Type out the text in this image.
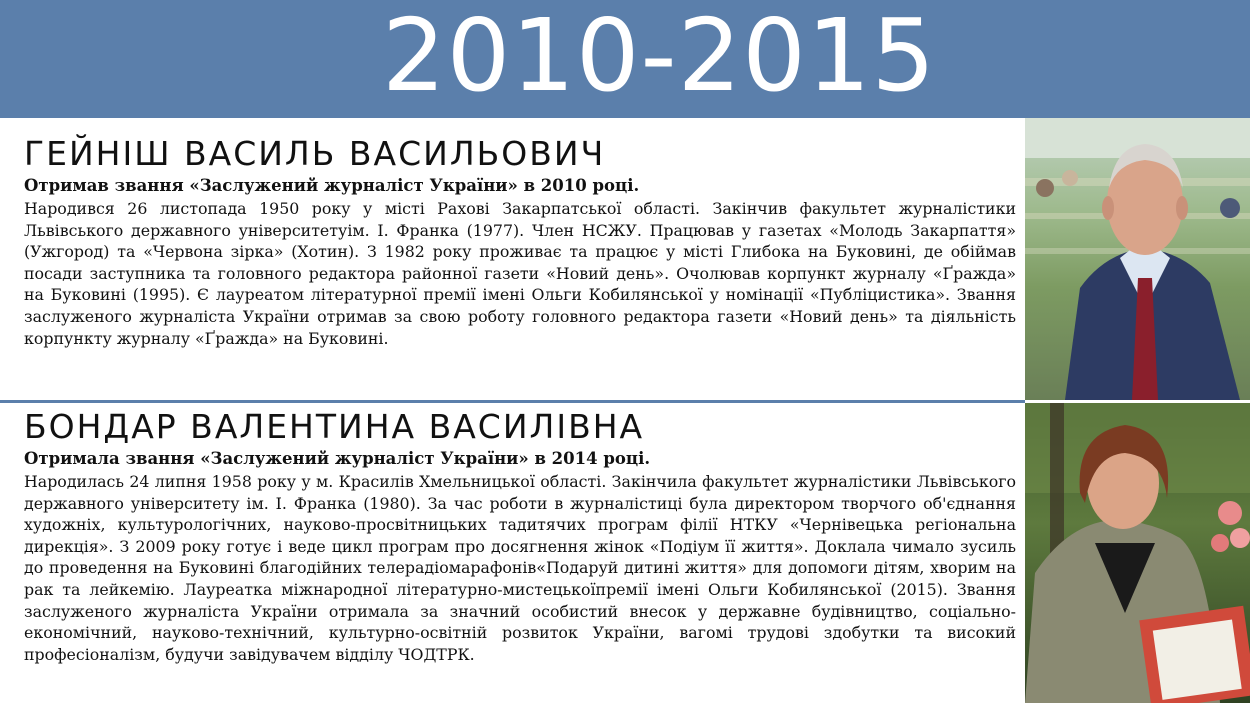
2010-2015
ГЕЙНІШ ВАСИЛЬ ВАСИЛЬОВИЧ
Отримав звання «Заслужений журналіст України» в 2010 році.
Народився 26 листопада 1950 року у місті Рахові Закарпатської області. Закінчив факультет журналістики Львівського державного університетуім. І. Франка (1977). Член НСЖУ. Працював у газетах «Молодь Закарпаття» (Ужгород) та «Червона зірка» (Хотин). З 1982 року проживає та працює у місті Глибока на Буковині, де обіймав посади заступника та головного редактора районної газети «Новий день». Очолював корпункт журналу «Ґражда» на Буковині (1995). Є лауреатом літературної премії імені Ольги Кобилянської у номінації «Публіцистика». Звання заслуженого журналіста України отримав за свою роботу головного редактора газети «Новий день» та діяльність корпункту журналу «Ґражда» на Буковині.
БОНДАР ВАЛЕНТИНА ВАСИЛІВНА
Отримала звання «Заслужений журналіст України» в 2014 році.
Народилась 24 липня 1958 року у м. Красилів Хмельницької області. Закінчила факультет журналістики Львівського державного університету ім. І. Франка (1980). За час роботи в журналістиці була директором творчого об'єднання художніх, культурологічних, науково-просвітницьких тадитячих програм філії НТКУ «Чернівецька регіональна дирекція». З 2009 року готує і веде цикл програм про досягнення жінок «Подіум її життя». Доклала чимало зусиль до проведення на Буковині благодійних телерадіомарафонів«Подаруй дитині життя» для допомоги дітям, хворим на рак та лейкемію. Лауреатка міжнародної літературно-мистецькоїпремії імені Ольги Кобилянської (2015). Звання заслуженого журналіста України отримала за значний особистий внесок у державне будівництво, соціально-економічний, науково-технічний, культурно-освітній розвиток України, вагомі трудові здобутки та високий професіоналізм, будучи завідувачем відділу ЧОДТРК.
